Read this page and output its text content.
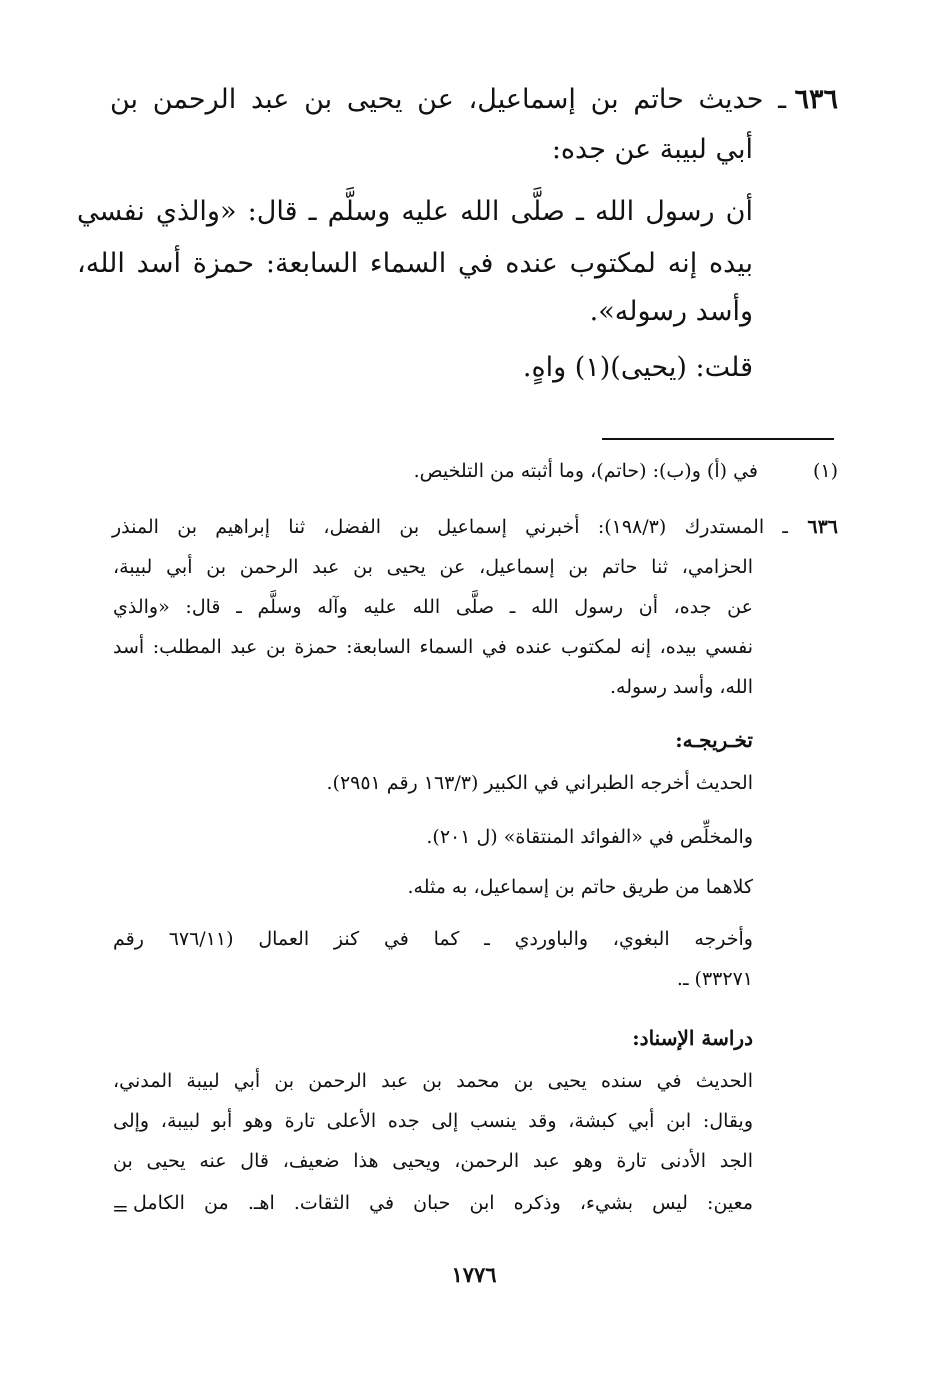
٦٣٦
ـ حديث حاتم بن إسماعيل، عن يحيى بن عبد الرحمن بن
أبي لبيبة عن جده:
أن رسول الله ـ صلَّى الله عليه وسلَّم ـ قال: «والذي نفسي
بيده إنه لمكتوب عنده في السماء السابعة: حمزة أسد الله،
وأسد رسوله».
قلت: (يحيى)(١) واهٍ.
(١)
في (أ) و(ب): (حاتم)، وما أثبته من التلخيص.
٦٣٦
ـ المستدرك (١٩٨/٣): أخبرني إسماعيل بن الفضل، ثنا إبراهيم بن المنذر
الحزامي، ثنا حاتم بن إسماعيل، عن يحيى بن عبد الرحمن بن أبي لبيبة،
عن جده، أن رسول الله ـ صلَّى الله عليه وآله وسلَّم ـ قال: «والذي
نفسي بيده، إنه لمكتوب عنده في السماء السابعة: حمزة بن عبد المطلب: أسد
الله، وأسد رسوله.
تخـريجـه:
الحديث أخرجه الطبراني في الكبير (١٦٣/٣ رقم ٢٩٥١).
والمخلِّص في «الفوائد المنتقاة» (ل ٢٠١).
كلاهما من طريق حاتم بن إسماعيل، به مثله.
وأخرجه البغوي، والباوردي ـ كما في كنز العمال (٦٧٦/١١ رقم
٣٣٢٧١) ـ.
دراسة الإسناد:
الحديث في سنده يحيى بن محمد بن عبد الرحمن بن أبي لبيبة المدني،
ويقال: ابن أبي كبشة، وقد ينسب إلى جده الأعلى تارة وهو أبو لبيبة، وإلى
الجد الأدنى تارة وهو عبد الرحمن، ويحيى هذا ضعيف، قال عنه يحيى بن
معين: ليس بشيء، وذكره ابن حبان في الثقات. اهـ. من الكامل
=
١٧٧٦
